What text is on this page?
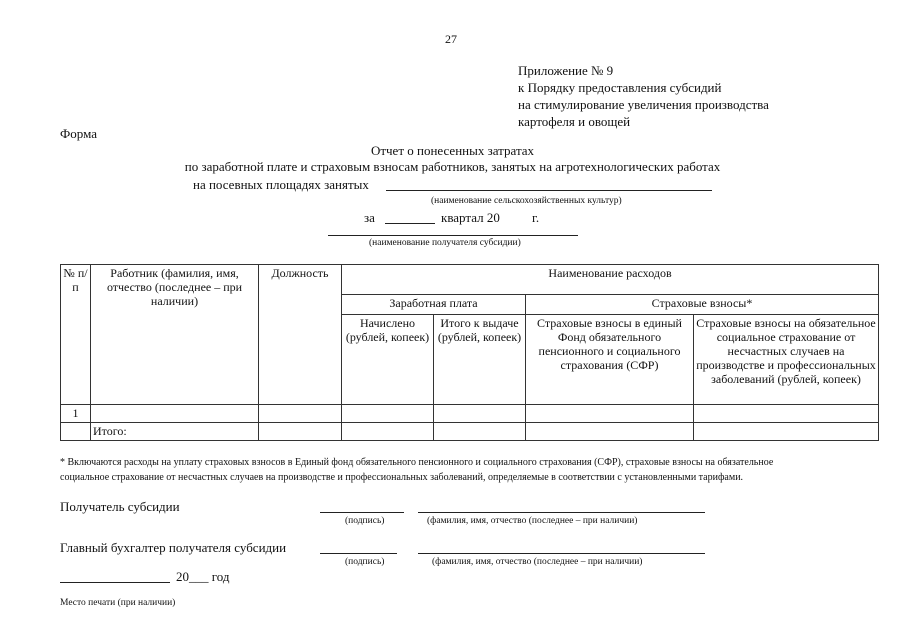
27
Приложение № 9
к Порядку предоставления субсидий
на стимулирование увеличения производства
картофеля и овощей
Форма
Отчет о понесенных затратах
по заработной плате и страховым взносам работников, занятых на агротехнологических работах
на посевных площадях занятых
(наименование сельскохозяйственных культур)
за	квартал 20 г.
(наименование получателя субсидии)
№ п/п	Работник (фамилия, имя, отчество (последнее – при наличии)	Должность	Наименование расходов			
			Заработная плата		Страховые взносы*	
			Начислено (рублей, копеек)	Итого к выдаче (рублей, копеек)	Страховые взносы в единый Фонд обязательного пенсионного и социального страхования (СФР)	Страховые взносы на обязательное социальное страхование от несчастных случаев на производстве и профессиональных заболеваний (рублей, копеек)
1						
	Итого:					
* Включаются расходы на уплату страховых взносов в Единый фонд обязательного пенсионного и социального страхования (СФР), страховые взносы на обязательное
социальное страхование от несчастных случаев на производстве и профессиональных заболеваний, определяемые в соответствии с установленными тарифами.
Получатель субсидии
(подпись)	(фамилия, имя, отчество (последнее – при наличии)
Главный бухгалтер получателя субсидии
(подпись)	(фамилия, имя, отчество (последнее – при наличии)
20___ год
Место печати (при наличии)
